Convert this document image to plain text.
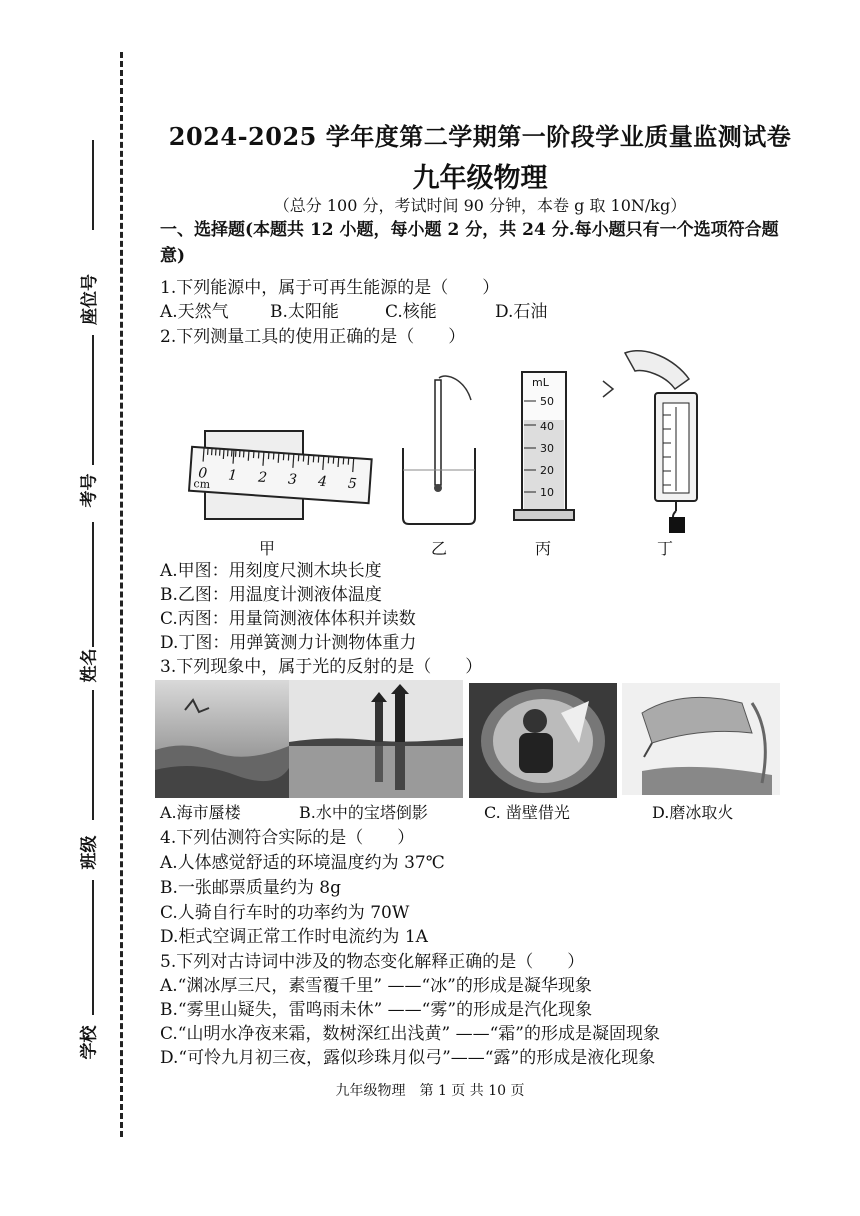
座位号
考号
姓名
班级
学校
2024-2025 学年度第二学期第一阶段学业质量监测试卷
九年级物理
（总分 100 分，考试时间 90 分钟，本卷 g 取 10N/kg）
一、选择题(本题共 12 小题，每小题 2 分，共 24 分.每小题只有一个选项符合题意)
1.下列能源中，属于可再生能源的是（　　）
A.天然气 B.太阳能	C.核能	D.石油
2.下列测量工具的使用正确的是（　　）
0 1 2 3 4 5
cm
mL
50
40
30
20
10
甲	乙	丙	丁
A.甲图：用刻度尺测木块长度
B.乙图：用温度计测液体温度
C.丙图：用量筒测液体体积并读数
D.丁图：用弹簧测力计测物体重力
3.下列现象中，属于光的反射的是（　　）
A.海市蜃楼	B.水中的宝塔倒影	C. 凿壁借光	D.磨冰取火
4.下列估测符合实际的是（　　）
A.人体感觉舒适的环境温度约为 37℃
B.一张邮票质量约为 8g
C.人骑自行车时的功率约为 70W
D.柜式空调正常工作时电流约为 1A
5.下列对古诗词中涉及的物态变化解释正确的是（　　）
A.“渊冰厚三尺，素雪覆千里” ——“冰”的形成是凝华现象
B.“雾里山疑失，雷鸣雨未休” ——“雾”的形成是汽化现象
C.“山明水净夜来霜，数树深红出浅黄” ——“霜”的形成是凝固现象
D.“可怜九月初三夜，露似珍珠月似弓”——“露”的形成是液化现象
九年级物理　第 1 页 共 10 页
